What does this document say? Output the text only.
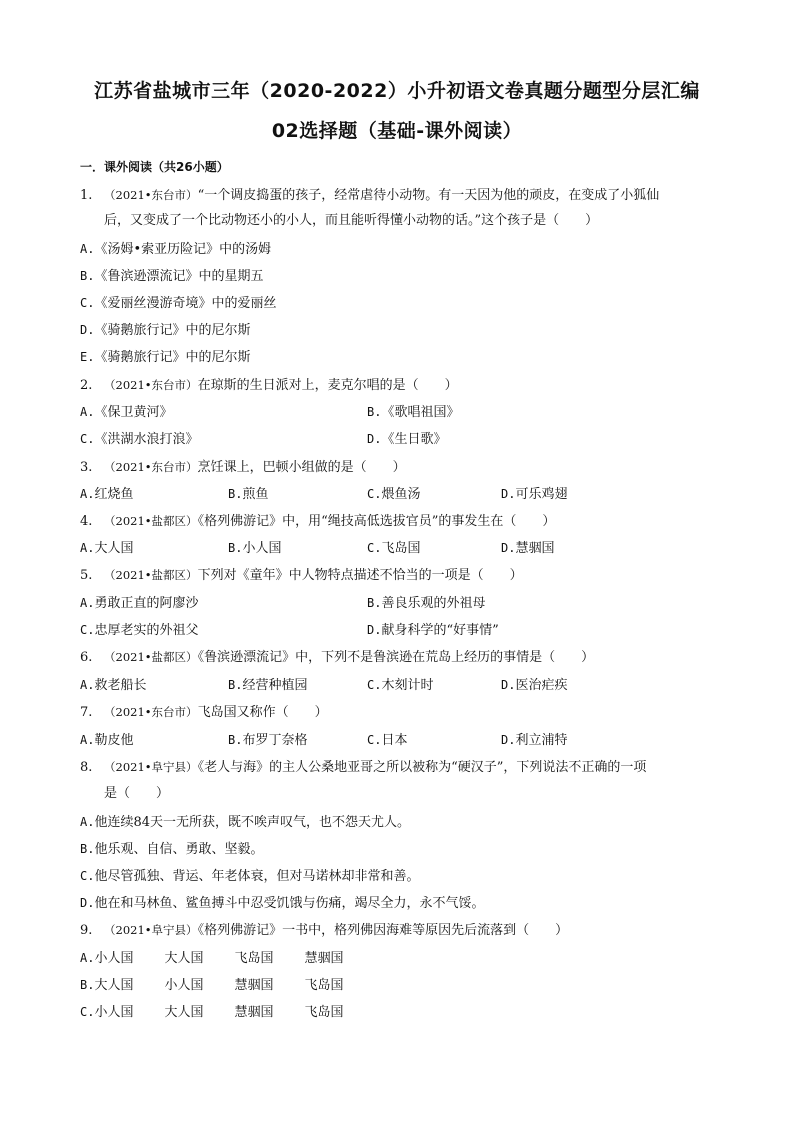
江苏省盐城市三年（2020-2022）小升初语文卷真题分题型分层汇编
02选择题（基础-课外阅读）
一．课外阅读（共26小题）
1. （2021•东台市）“一个调皮捣蛋的孩子，经常虐待小动物。有一天因为他的顽皮，在变成了小狐仙
后，又变成了一个比动物还小的小人，而且能听得懂小动物的话。”这个孩子是（　　）
A.《汤姆•索亚历险记》中的汤姆
B.《鲁滨逊漂流记》中的星期五
C.《爱丽丝漫游奇境》中的爱丽丝
D.《骑鹅旅行记》中的尼尔斯
E.《骑鹅旅行记》中的尼尔斯
2. （2021•东台市）在琼斯的生日派对上，麦克尔唱的是（　　）
A.《保卫黄河》	B.《歌唱祖国》
C.《洪湖水浪打浪》	D.《生日歌》
3. （2021•东台市）烹饪课上，巴顿小组做的是（　　）
A.红烧鱼	B.煎鱼	C.煨鱼汤	D.可乐鸡翅
4. （2021•盐都区）《格列佛游记》中，用“绳技高低选拔官员”的事发生在（　　）
A.大人国	B.小人国	C.飞岛国	D.慧骃国
5. （2021•盐都区）下列对《童年》中人物特点描述不恰当的一项是（　　）
A.勇敢正直的阿廖沙	B.善良乐观的外祖母
C.忠厚老实的外祖父	D.献身科学的“好事情”
6. （2021•盐都区）《鲁滨逊漂流记》中，下列不是鲁滨逊在荒岛上经历的事情是（　　）
A.救老船长	B.经营种植园	C.木刻计时	D.医治疟疾
7. （2021•东台市）飞岛国又称作（　　）
A.勒皮他	B.布罗丁奈格	C.日本	D.利立浦特
8. （2021•阜宁县）《老人与海》的主人公桑地亚哥之所以被称为“硬汉子”，下列说法不正确的一项
是（　　）
A.他连续84天一无所获，既不唉声叹气，也不怨天尤人。
B.他乐观、自信、勇敢、坚毅。
C.他尽管孤独、背运、年老体衰，但对马诺林却非常和善。
D.他在和马林鱼、鲨鱼搏斗中忍受饥饿与伤痛，竭尽全力，永不气馁。
9. （2021•阜宁县）《格列佛游记》一书中，格列佛因海难等原因先后流落到（　　）
A.小人国 大人国 飞岛国 慧骃国
B.大人国 小人国 慧骃国 飞岛国
C.小人国 大人国 慧骃国 飞岛国
